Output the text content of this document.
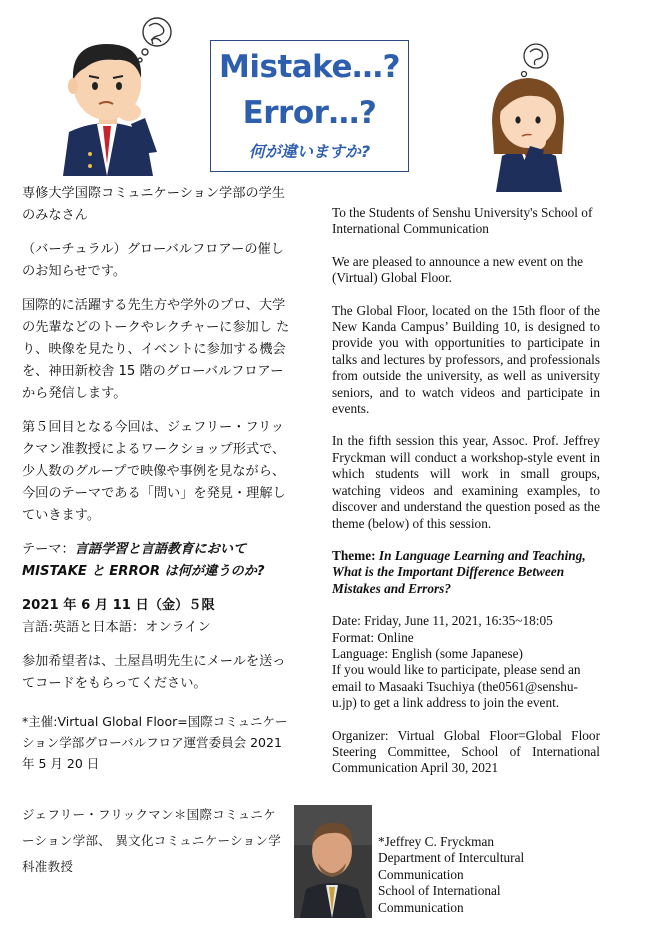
Mistake…?
Error…?
何が違いますか?

専修大学国際コミュニケーション学部の学生のみなさん

（バーチュラル）グローバルフロアーの催しのお知らせです。

国際的に活躍する先生方や学外のプロ、大学の先輩などのトークやレクチャーに参加し たり、映像を見たり、イベントに参加する機会を、神田新校舎 15 階のグローバルフロアーから発信します。

第５回目となる今回は、ジェフリー・フリックマン准教授によるワークショップ形式で、少人数のグループで映像や事例を見ながら、今回のテーマである「問い」を発見・理解していきます。

テーマ：言語学習と言語教育において MISTAKE と ERROR は何が違うのか?

2021 年 6 月 11 日（金）５限

言語:英語と日本語：オンライン

参加希望者は、土屋昌明先生にメールを送ってコードをもらってください。

*主催:Virtual Global Floor=国際コミュニケー ション学部グローバルフロア運営委員会 2021 年 5 月 20 日

ジェフリー・フリックマン＊国際コミュニケーション学部、 異文化コミュニケーション学科准教授

To the Students of Senshu University's School of International Communication

We are pleased to announce a new event on the (Virtual) Global Floor.

The Global Floor, located on the 15th floor of the New Kanda Campus’ Building 10, is designed to provide you with opportunities to participate in talks and lectures by professors, and professionals from outside the university, as well as university seniors, and to watch videos and participate in events.

In the fifth session this year, Assoc. Prof. Jeffrey Fryckman will conduct a workshop-style event in which students will work in small groups, watching videos and examining examples, to discover and understand the question posed as the theme (below) of this session.

Theme: In Language Learning and Teaching, What is the Important Difference Between Mistakes and Errors?

Date: Friday, June 11, 2021, 16:35~18:05
Format: Online
Language: English (some Japanese)
If you would like to participate, please send an email to Masaaki Tsuchiya (the0561@senshu-u.jp) to get a link address to join the event.

Organizer: Virtual Global Floor=Global Floor Steering Committee, School of International Communication April 30, 2021

*Jeffrey C. Fryckman
Department of Intercultural Communication
School of International Communication
